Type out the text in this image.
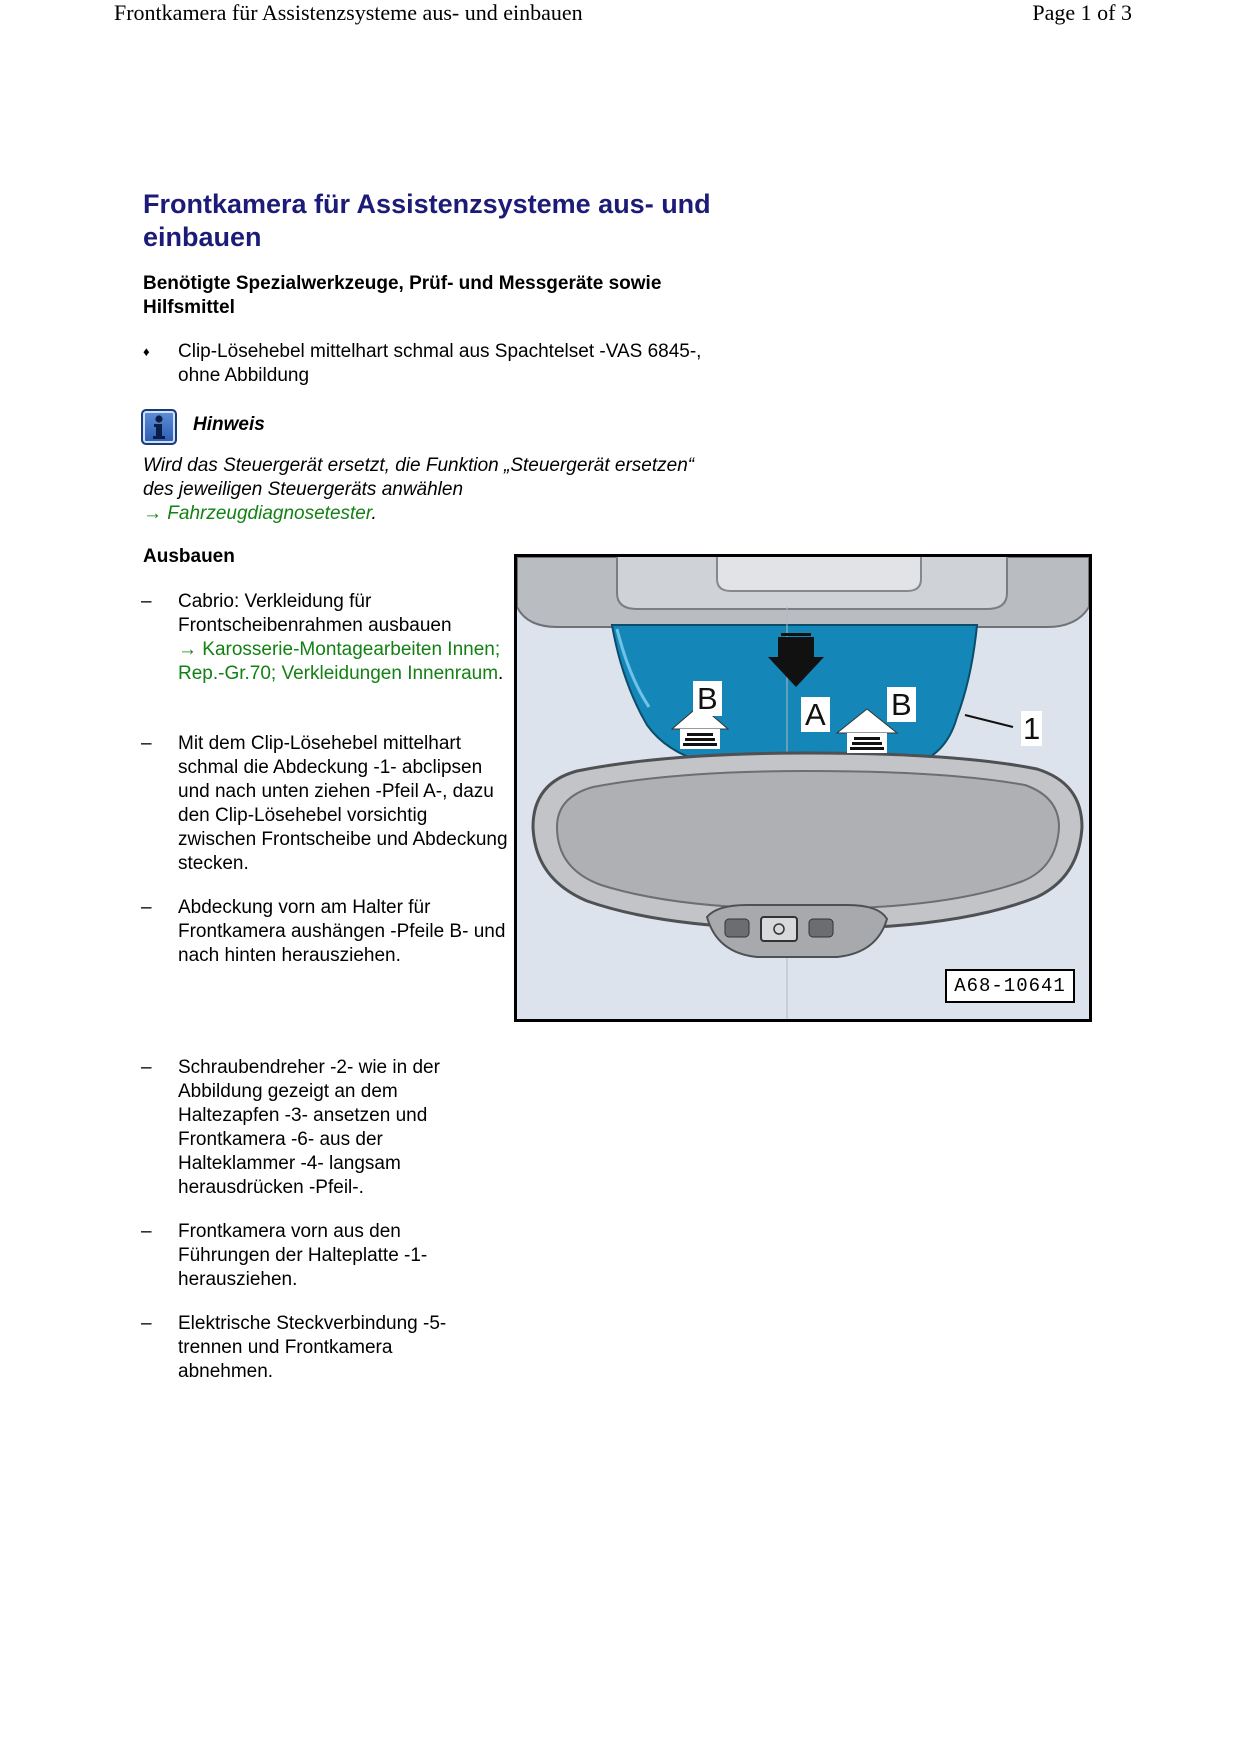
Frontkamera für Assistenzsysteme aus- und einbauen	Page 1 of 3
Frontkamera für Assistenzsysteme aus- und einbauen
Benötigte Spezialwerkzeuge, Prüf- und Messgeräte sowie Hilfsmittel
♦ Clip-Lösehebel mittelhart schmal aus Spachtelset -VAS 6845-, ohne Abbildung
Hinweis
Wird das Steuergerät ersetzt, die Funktion „Steuergerät ersetzen“ des jeweiligen Steuergeräts anwählen
→ Fahrzeugdiagnosetester.
Ausbauen
– Cabrio: Verkleidung für Frontscheibenrahmen ausbauen
→ Karosserie-Montagearbeiten Innen; Rep.-Gr.70; Verkleidungen Innenraum.
– Mit dem Clip-Lösehebel mittelhart schmal die Abdeckung -1- abclipsen und nach unten ziehen -Pfeil A-, dazu den Clip-Lösehebel vorsichtig zwischen Frontscheibe und Abdeckung stecken.
– Abdeckung vorn am Halter für Frontkamera aushängen -Pfeile B- und nach hinten herausziehen.
– Schraubendreher -2- wie in der Abbildung gezeigt an dem Haltezapfen -3- ansetzen und Frontkamera -6- aus der Halteklammer -4- langsam herausdrücken -Pfeil-.
– Frontkamera vorn aus den Führungen der Halteplatte -1- herausziehen.
– Elektrische Steckverbindung -5- trennen und Frontkamera abnehmen.
B	A B
1
A68-10641
